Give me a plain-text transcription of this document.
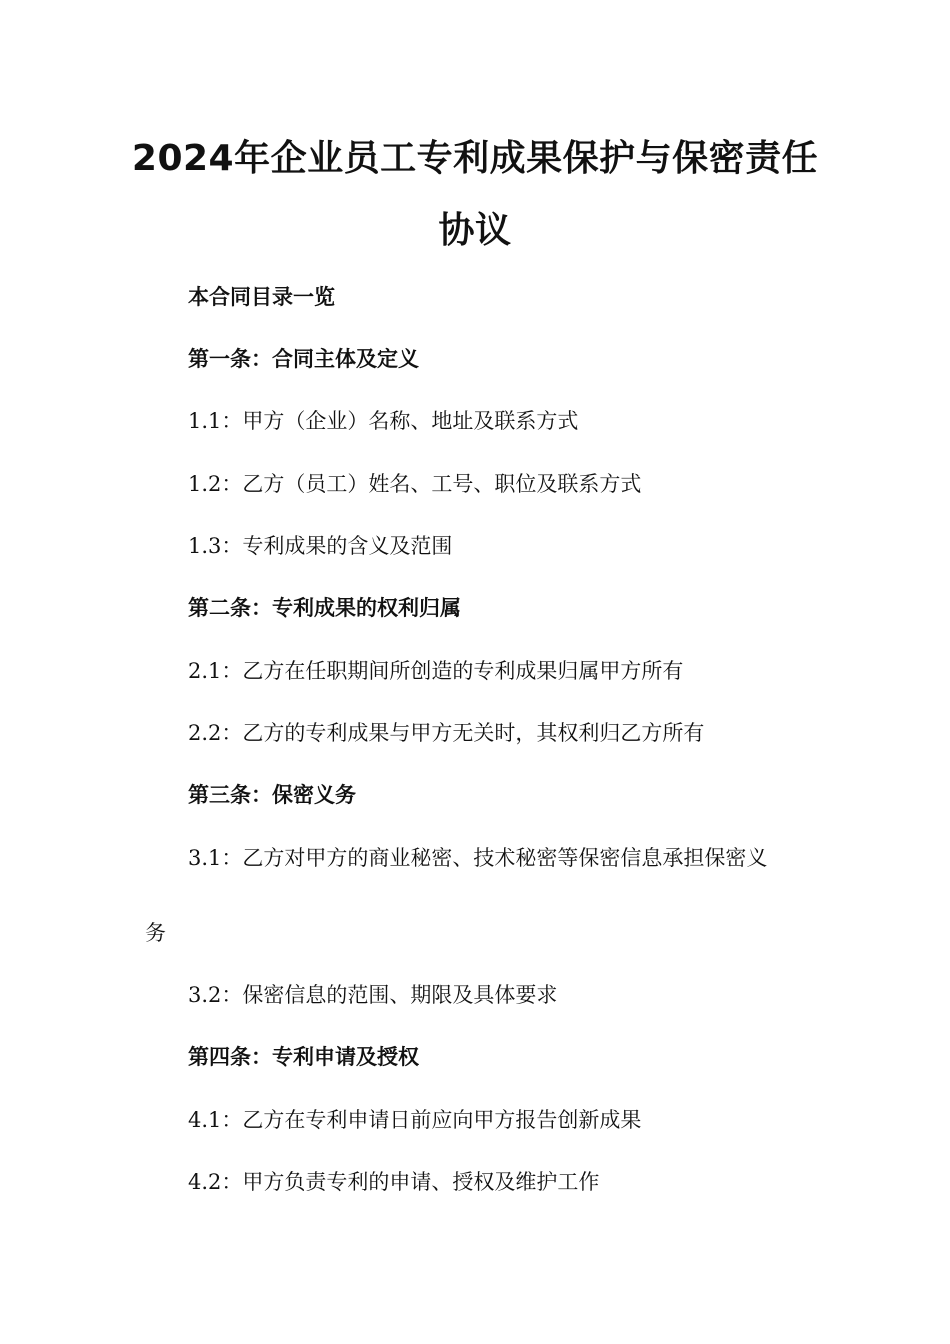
2024年企业员工专利成果保护与保密责任
协议

本合同目录一览

第一条：合同主体及定义

1.1：甲方（企业）名称、地址及联系方式

1.2：乙方（员工）姓名、工号、职位及联系方式

1.3：专利成果的含义及范围

第二条：专利成果的权利归属

2.1：乙方在任职期间所创造的专利成果归属甲方所有

2.2：乙方的专利成果与甲方无关时，其权利归乙方所有

第三条：保密义务

3.1：乙方对甲方的商业秘密、技术秘密等保密信息承担保密义

务

3.2：保密信息的范围、期限及具体要求

第四条：专利申请及授权

4.1：乙方在专利申请日前应向甲方报告创新成果

4.2：甲方负责专利的申请、授权及维护工作
